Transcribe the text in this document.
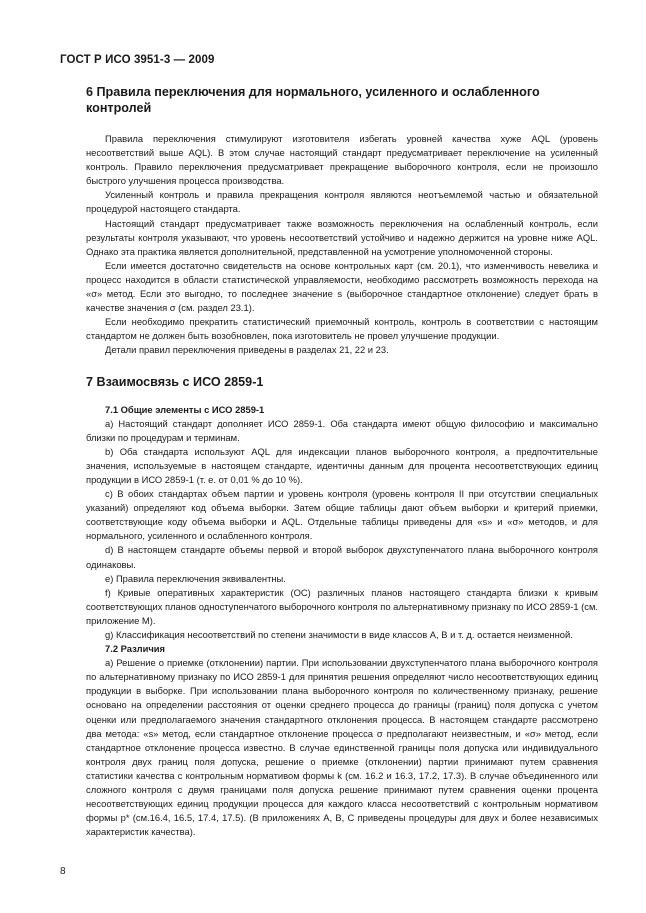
ГОСТ Р ИСО 3951-3 — 2009
6 Правила переключения для нормального, усиленного и ослабленного контролей

Правила переключения стимулируют изготовителя избегать уровней качества хуже AQL (уровень несоответствий выше AQL). В этом случае настоящий стандарт предусматривает переключение на усиленный контроль. Правило переключения предусматривает прекращение выборочного контроля, если не произошло быстрого улучшения процесса производства.

Усиленный контроль и правила прекращения контроля являются неотъемлемой частью и обязательной процедурой настоящего стандарта.

Настоящий стандарт предусматривает также возможность переключения на ослабленный контроль, если результаты контроля указывают, что уровень несоответствий устойчиво и надежно держится на уровне ниже AQL. Однако эта практика является дополнительной, представленной на усмотрение уполномоченной стороны.

Если имеется достаточно свидетельств на основе контрольных карт (см. 20.1), что изменчивость невелика и процесс находится в области статистической управляемости, необходимо рассмотреть возможность перехода на «σ» метод. Если это выгодно, то последнее значение s (выборочное стандартное отклонение) следует брать в качестве значения σ (см. раздел 23.1).

Если необходимо прекратить статистический приемочный контроль, контроль в соответствии с настоящим стандартом не должен быть возобновлен, пока изготовитель не провел улучшение продукции.

Детали правил переключения приведены в разделах 21, 22 и 23.

7 Взаимосвязь с ИСО 2859-1
7.1 Общие элементы с ИСО 2859-1

а) Настоящий стандарт дополняет ИСО 2859-1. Оба стандарта имеют общую философию и максимально близки по процедурам и терминам.

b) Оба стандарта используют AQL для индексации планов выборочного контроля, а предпочтительные значения, используемые в настоящем стандарте, идентичны данным для процента несоответствующих единиц продукции в ИСО 2859-1 (т. е. от 0,01 % до 10 %).

с) В обоих стандартах объем партии и уровень контроля (уровень контроля II при отсутствии специальных указаний) определяют код объема выборки. Затем общие таблицы дают объем выборки и критерий приемки, соответствующие коду объема выборки и AQL. Отдельные таблицы приведены для «s» и «σ» методов, и для нормального, усиленного и ослабленного контроля.

d) В настоящем стандарте объемы первой и второй выборок двухступенчатого плана выборочного контроля одинаковы.

е) Правила переключения эквивалентны.

f) Кривые оперативных характеристик (ОС) различных планов настоящего стандарта близки к кривым соответствующих планов одноступенчатого выборочного контроля по альтернативному признаку по ИСО 2859-1 (см. приложение М).

g) Классификация несоответствий по степени значимости в виде классов А, В и т. д. остается неизменной.

7.2 Различия

а) Решение о приемке (отклонении) партии. При использовании двухступенчатого плана выборочного контроля по альтернативному признаку по ИСО 2859-1 для принятия решения определяют число несоответствующих единиц продукции в выборке. При использовании плана выборочного контроля по количественному признаку, решение основано на определении расстояния от оценки среднего процесса до границы (границ) поля допуска с учетом оценки или предполагаемого значения стандартного отклонения процесса. В настоящем стандарте рассмотрено два метода: «s» метод, если стандартное отклонение процесса σ предполагают неизвестным, и «σ» метод, если стандартное отклонение процесса известно. В случае единственной границы поля допуска или индивидуального контроля двух границ поля допуска, решение о приемке (отклонении) партии принимают путем сравнения статистики качества с контрольным нормативом формы k (см. 16.2 и 16.3, 17.2, 17.3). В случае объединенного или сложного контроля с двумя границами поля допуска решение принимают путем сравнения оценки процента несоответствующих единиц продукции процесса для каждого класса несоответствий с контрольным нормативом формы p* (см.16.4, 16.5, 17.4, 17.5). (В приложениях А, В, С приведены процедуры для двух и более независимых характеристик качества).

8
